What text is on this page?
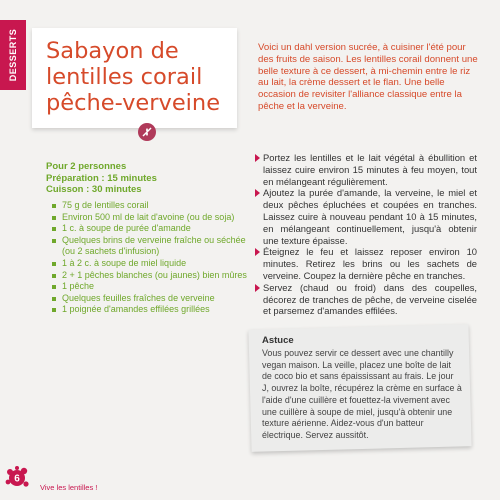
DESSERTS Sabayon de lentilles corail pêche-verveine
Voici un dahl version sucrée, à cuisiner l'été pour des fruits de saison. Les lentilles corail donnent une belle texture à ce dessert, à mi-chemin entre le riz au lait, la crème dessert et le flan. Une belle occasion de revisiter l'alliance classique entre la pêche et la verveine.
Pour 2 personnes
Préparation : 15 minutes
Cuisson : 30 minutes
75 g de lentilles corail
Environ 500 ml de lait d'avoine (ou de soja)
1 c. à soupe de purée d'amande
Quelques brins de verveine fraîche ou séchée (ou 2 sachets d'infusion)
1 à 2 c. à soupe de miel liquide
2 + 1 pêches blanches (ou jaunes) bien mûres
1 pêche
Quelques feuilles fraîches de verveine
1 poignée d'amandes effilées grillées
Portez les lentilles et le lait végétal à ébullition et laissez cuire environ 15 minutes à feu moyen, tout en mélangeant régulièrement.
Ajoutez la purée d'amande, la verveine, le miel et deux pêches épluchées et coupées en tranches. Laissez cuire à nouveau pendant 10 à 15 minutes, en mélangeant continuellement, jusqu'à obtenir une texture épaisse.
Éteignez le feu et laissez reposer environ 10 minutes. Retirez les brins ou les sachets de verveine. Coupez la dernière pêche en tranches.
Servez (chaud ou froid) dans des coupelles, décorez de tranches de pêche, de verveine ciselée et parsemez d'amandes effilées.
Astuce
Vous pouvez servir ce dessert avec une chantilly vegan maison. La veille, placez une boîte de lait de coco bio et sans épaississant au frais. Le jour J, ouvrez la boîte, récupérez la crème en surface à l'aide d'une cuillère et fouettez-la vivement avec une cuillère à soupe de miel, jusqu'à obtenir une texture aérienne. Aidez-vous d'un batteur électrique. Servez aussitôt.
6
Vive les lentilles !
